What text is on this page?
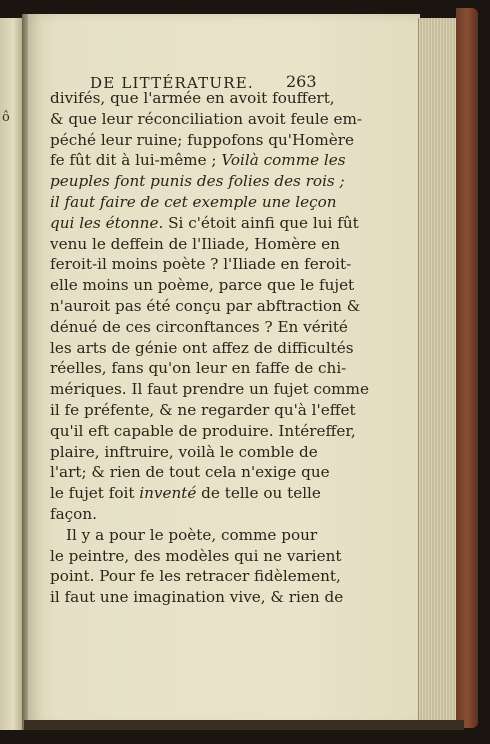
ô
DE LITTÉRATURE.	263
divifés, que l'armée en avoit fouffert,
& que leur réconciliation avoit feule em-
péché leur ruine; fuppofons qu'Homère
fe fût dit à lui-même ; Voilà comme les
peuples font punis des folies des rois ;
il faut faire de cet exemple une leçon
qui les étonne. Si c'étoit ainfi que lui fût
venu le deffein de l'Iliade, Homère en
feroit-il moins poète ? l'Iliade en feroit-
elle moins un poème, parce que le fujet
n'auroit pas été conçu par abftraction &
dénué de ces circonftances ? En vérité
les arts de génie ont affez de difficultés
réelles, fans qu'on leur en faffe de chi-
mériques. Il faut prendre un fujet comme
il fe préfente, & ne regarder qu'à l'effet
qu'il eft capable de produire. Intéreffer,
plaire, inftruire, voilà le comble de
l'art; & rien de tout cela n'exige que
le fujet foit inventé de telle ou telle
façon.
Il y a pour le poète, comme pour
le peintre, des modèles qui ne varient
point. Pour fe les retracer fidèlement,
il faut une imagination vive, & rien de
